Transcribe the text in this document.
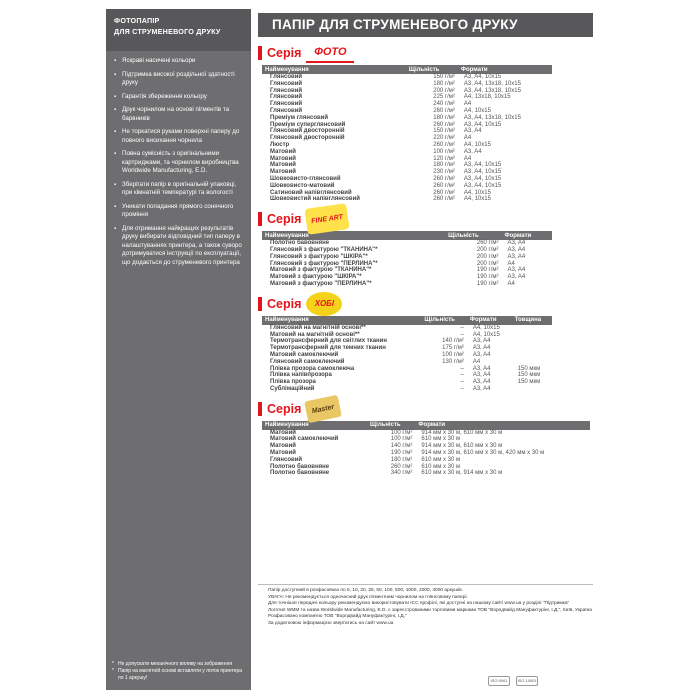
ФОТОПАПІР
ДЛЯ СТРУМЕНЕВОГО ДРУКУ
▪ Яскраві насичені кольори
▪ Підтримка високої роздільної здатності друку
▪ Гарантія збереження кольору
▪ Друк чорнилом на основі пігментів та барвників
▪ Не торкатися руками поверхні паперу до повного висихання чорнила
▪ Повна сумісність з оригінальними картриджами, та чорнилом виробництва Worldwide Manufacturing, E.D.
▪ Зберігати папір в оригінальній упаковці, при кімнатній температурі та вологості
▪ Уникати попадання прямого сонячного проміння
▪ Для отримання найкращих результатів друку вибирати відповідний тип паперу в налаштуваннях принтера, а також суворо дотримуватися інструкції по експлуатації, що додається до струменевого принтера
* Не допускати механічного впливу на зображення
* Папір на магнітній основі вставляти у лоток принтера по 1 аркушу!
ПАПІР ДЛЯ СТРУМЕНЕВОГО ДРУКУ
Серія	ФОТО
Найменування	Щільність	Формати
Глянсовий	150 г/м²	A3, A4, 10x15
Глянсовий	180 г/м²	A3, A4, 13x18, 10x15
Глянсовий	200 г/м²	A3, A4, 13x18, 10x15
Глянсовий	225 г/м²	A4, 13x18, 10x15
Глянсовий	240 г/м²	A4
Глянсовий	260 г/м²	A4, 10x15
Преміум глянсовий	180 г/м²	A3, A4, 13x18, 10x15
Преміум суперглянсовий	260 г/м²	A3, A4, 10x15
Глянсовий двосторонній	150 г/м²	A3, A4
Глянсовий двосторонній	220 г/м²	A4
Люстр	260 г/м²	A4, 10x15
Матовий	100 г/м²	A3, A4
Матовий	120 г/м²	A4
Матовий	180 г/м²	A3, A4, 10x15
Матовий	230 г/м²	A3, A4, 10x15
Шовковисто-глянсовий	260 г/м²	A3, A4, 10x15
Шовковисто-матовий	260 г/м²	A3, A4, 10x15
Сатиновий напівглянсовий	260 г/м²	A4, 10x15
Шовковистий напівглянсовий	260 г/м²	A4, 10x15
Серія	FINE ART
Найменування	Щільність	Формати
Полотно бавовняне	260 г/м²	A3, A4
Глянсовий з фактурою "ТКАНИНА"*	200 г/м²	A3, A4
Глянсовий з фактурою "ШКІРА"*	200 г/м²	A3, A4
Глянсовий з фактурою "ПЕРЛИНА"*	200 г/м²	A4
Матовий з фактурою "ТКАНИНА"*	190 г/м²	A3, A4
Матовий з фактурою "ШКІРА"*	190 г/м²	A3, A4
Матовий з фактурою "ПЕРЛИНА"*	190 г/м²	A4
Серія	ХОБІ
Найменування	Щільність	Формати	Товщина
Глянсовий на магнітній основі**	–	A4, 10x15	
Матовий на магнітній основі**	–	A4, 10x15	
Термотрансферний для світлих тканин	140 г/м²	A3, A4	
Термотрансферний для темних тканин	175 г/м²	A3, A4	
Матовий самоклеючий	100 г/м²	A3, A4	
Глянсовий самоклеючий	130 г/м²	A4	
Плівка прозора самоклеюча	–	A3, A4	150 мкм
Плівка напівпрозора	–	A3, A4	150 мкм
Плівка прозора	–	A3, A4	150 мкм
Сублімаційний	–	A3, A4	
Серія	Master
Найменування	Щільність	Формати
Матовий	100 г/м²	914 мм x 30 м, 610 мм x 30 м
Матовий самоклеючий	100 г/м²	610 мм x 30 м
Матовий	140 г/м²	914 мм x 30 м, 610 мм x 30 м
Матовий	190 г/м²	914 мм x 30 м, 610 мм x 30 м, 420 мм x 30 м
Глянсовий	180 г/м²	610 мм x 30 м
Полотно бавовняне	260 г/м²	610 мм x 30 м
Полотно бавовняне	340 г/м²	610 мм x 30 м, 914 мм x 30 м
Папір доступний в розфасовках по 5, 10, 20, 25, 50, 100, 500, 1000, 2000, 4000 аркушів.
УВАГА: Не рекомендується одночасний друк пігментним чорнилом на глянсовому папері.
Для точнішої передачі кольору рекомендуємо використовувати ICC профілі, які доступні на нашому сайті www.ua у розділі "Підтримка"
Логотип WMM та назва Worldwide Manufacturing, E.D. є зареєстрованими торговими марками ТОВ "Ворлдвайд Мануфактурінг, І.Д.", Київ, Україна
Розфасовано компанією ТОВ "Ворлдвайд Мануфактурінг, І.Д."
За додатковою інформацією звертатись на сайт www.ua
ISO 9001	ISO 14001
